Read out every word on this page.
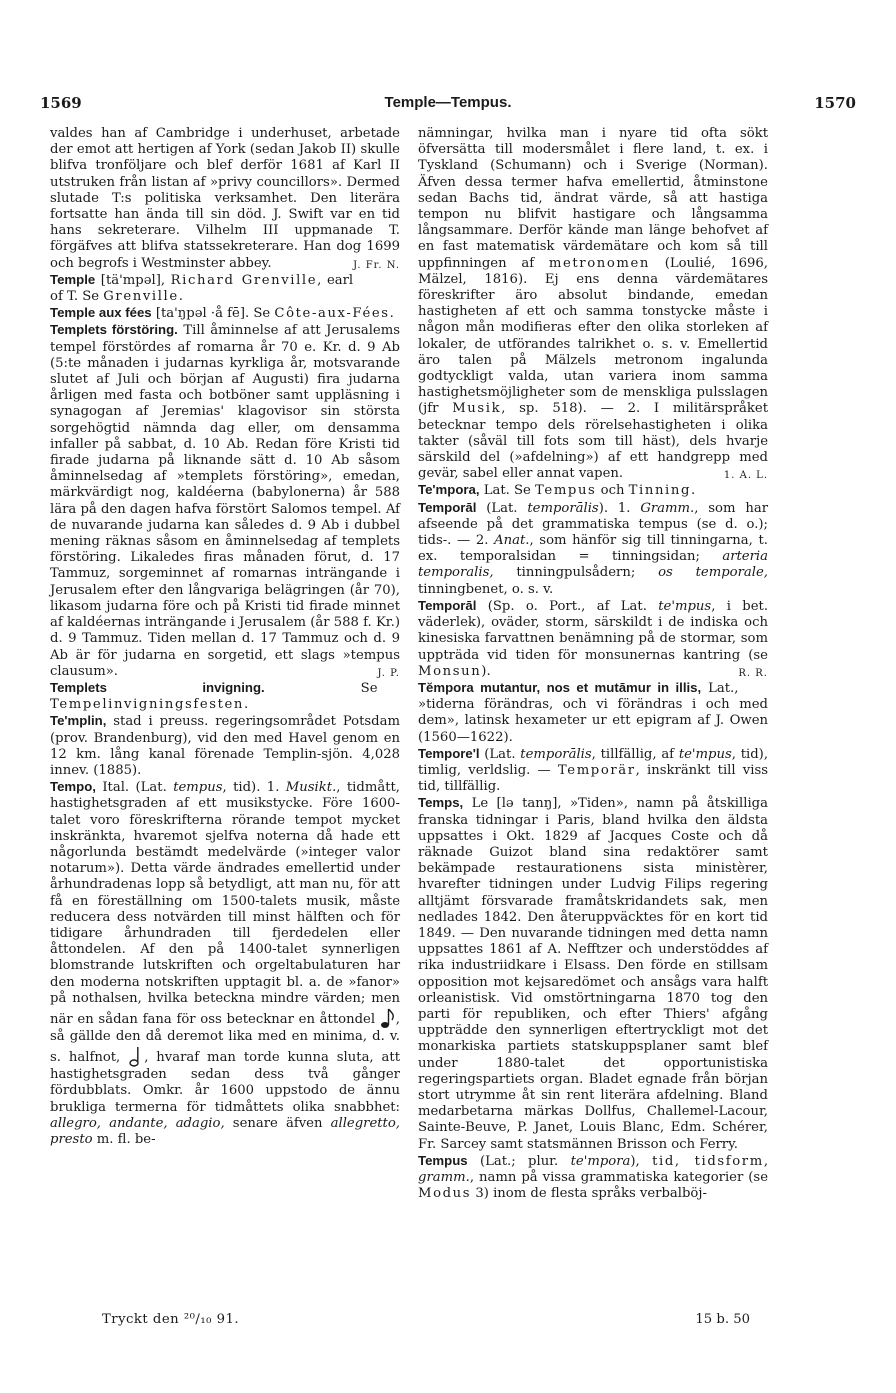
1569	Temple—Tempus.	1570

valdes han af Cambridge i underhuset, arbetade der emot att hertigen af York (sedan Jakob II) skulle blifva tronföljare och blef derför 1681 af Karl II utstruken från listan af »privy councillors». Dermed slutade T:s politiska verksamhet. Den literära fortsatte han ända till sin död. J. Swift var en tid hans sekreterare. Vilhelm III uppmanade T. förgäfves att blifva statssekreterare. Han dog 1699 och begrofs i Westminster abbey.	J. Fr. N.

Temple [tä'mpəl], Richard Grenville, earl of T. Se Grenville.

Temple aux fées [ta'ŋpəl ·å fē]. Se Côte-aux-Fées.

Templets förstöring. Till åminnelse af att Jerusalems tempel förstördes af romarna år 70 e. Kr. d. 9 Ab (5:te månaden i judarnas kyrkliga år, motsvarande slutet af Juli och början af Augusti) fira judarna årligen med fasta och botböner samt uppläsning i synagogan af Jeremias' klagovisor sin största sorgehögtid nämnda dag eller, om densamma infaller på sabbat, d. 10 Ab. Redan före Kristi tid firade judarna på liknande sätt d. 10 Ab såsom åminnelsedag af »templets förstöring», emedan, märkvärdigt nog, kaldéerna (babylonerna) år 588 lära på den dagen hafva förstört Salomos tempel. Af de nuvarande judarna kan således d. 9 Ab i dubbel mening räknas såsom en åminnelsedag af templets förstöring. Likaledes firas månaden förut, d. 17 Tammuz, sorgeminnet af romarnas inträngande i Jerusalem efter den långvariga belägringen (år 70), likasom judarna före och på Kristi tid firade minnet af kaldéernas inträngande i Jerusalem (år 588 f. Kr.) d. 9 Tammuz. Tiden mellan d. 17 Tammuz och d. 9 Ab är för judarna en sorgetid, ett slags »tempus clausum».	J. P.

Templets invigning. Se Tempelinvigningsfesten.

Te'mplin, stad i preuss. regeringsområdet Potsdam (prov. Brandenburg), vid den med Havel genom en 12 km. lång kanal förenade Templin-sjön. 4,028 innev. (1885).

Tempo, Ital. (Lat. tempus, tid). 1. Musikt., tidmått, hastighetsgraden af ett musikstycke. Före 1600-talet voro föreskrifterna rörande tempot mycket inskränkta, hvaremot sjelfva noterna då hade ett någorlunda bestämdt medelvärde (»integer valor notarum»). Detta värde ändrades emellertid under århundradenas lopp så betydligt, att man nu, för att få en föreställning om 1500-talets musik, måste reducera dess notvärden till minst hälften och för tidigare århundraden till fjerdedelen eller åttondelen. Af den på 1400-talet synnerligen blomstrande lutskriften och orgeltabulaturen har den moderna notskriften upptagit bl. a. de »fanor» på nothalsen, hvilka beteckna mindre värden; men när en sådan fana för oss betecknar en åttondel , så gällde den då deremot lika med en minima, d. v. s. halfnot, , hvaraf man torde kunna sluta, att hastighetsgraden sedan dess två gånger fördubblats. Omkr. år 1600 uppstodo de ännu brukliga termerna för tidmåttets olika snabbhet: allegro, andante, adagio, senare äfven allegretto, presto m. fl. be-

nämningar, hvilka man i nyare tid ofta sökt öfversätta till modersmålet i flere land, t. ex. i Tyskland (Schumann) och i Sverige (Norman). Äfven dessa termer hafva emellertid, åtminstone sedan Bachs tid, ändrat värde, så att hastiga tempon nu blifvit hastigare och långsamma långsammare. Derför kände man länge behofvet af en fast matematisk värdemätare och kom så till uppfinningen af metronomen (Loulié, 1696, Mälzel, 1816). Ej ens denna värdemätares föreskrifter äro absolut bindande, emedan hastigheten af ett och samma tonstycke måste i någon mån modifieras efter den olika storleken af lokaler, de utförandes talrikhet o. s. v. Emellertid äro talen på Mälzels metronom ingalunda godtyckligt valda, utan variera inom samma hastighetsmöjligheter som de menskliga pulsslagen (jfr Musik, sp. 518). — 2. I militärspråket betecknar tempo dels rörelsehastigheten i olika takter (såväl till fots som till häst), dels hvarje särskild del (»afdelning») af ett handgrepp med gevär, sabel eller annat vapen.	1. A. L.

Te'mpora, Lat. Se Tempus och Tinning.

Temporāl (Lat. temporālis). 1. Gramm., som har afseende på det grammatiska tempus (se d. o.); tids-. — 2. Anat., som hänför sig till tinningarna, t. ex. temporalsidan = tinningsidan; arteria temporalis, tinningpulsådern; os temporale, tinningbenet, o. s. v.

Temporāl (Sp. o. Port., af Lat. te'mpus, i bet. väderlek), oväder, storm, särskildt i de indiska och kinesiska farvattnen benämning på de stormar, som uppträda vid tiden för monsunernas kantring (se Monsun).	R. R.

Tĕmpora mutantur, nos et mutāmur in illis, Lat., »tiderna förändras, och vi förändras i och med dem», latinsk hexameter ur ett epigram af J. Owen (1560—1622).

Tempore'l (Lat. temporālis, tillfällig, af te'mpus, tid), timlig, verldslig. — Temporär, inskränkt till viss tid, tillfällig.

Temps, Le [lə tanŋ], »Tiden», namn på åtskilliga franska tidningar i Paris, bland hvilka den äldsta uppsattes i Okt. 1829 af Jacques Coste och då räknade Guizot bland sina redaktörer samt bekämpade restaurationens sista ministèrer, hvarefter tidningen under Ludvig Filips regering alltjämt försvarade framåtskridandets sak, men nedlades 1842. Den återuppväcktes för en kort tid 1849. — Den nuvarande tidningen med detta namn uppsattes 1861 af A. Nefftzer och understöddes af rika industriidkare i Elsass. Den förde en stillsam opposition mot kejsaredömet och ansågs vara halft orleanistisk. Vid omstörtningarna 1870 tog den parti för republiken, och efter Thiers' afgång uppträdde den synnerligen eftertryckligt mot det monarkiska partiets statskuppsplaner samt blef under 1880-talet det opportunistiska regeringspartiets organ. Bladet egnade från början stort utrymme åt sin rent literära afdelning. Bland medarbetarna märkas Dollfus, Challemel-Lacour, Sainte-Beuve, P. Janet, Louis Blanc, Edm. Schérer, Fr. Sarcey samt statsmännen Brisson och Ferry.

Tempus (Lat.; plur. te'mpora), tid, tidsform, gramm., namn på vissa grammatiska kategorier (se Modus 3) inom de flesta språks verbalböj-

Tryckt den ²⁰/₁₀ 91.	15 b. 50
